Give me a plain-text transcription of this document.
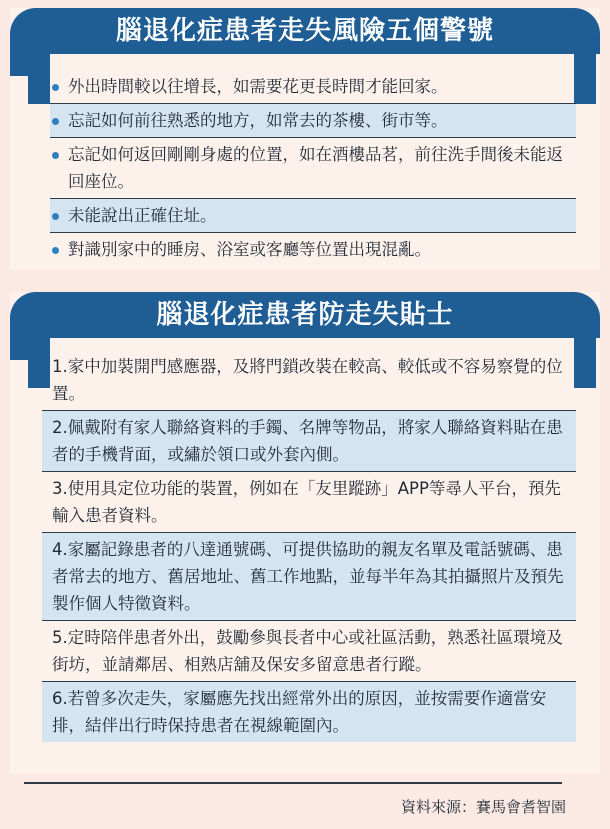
腦退化症患者走失風險五個警號
外出時間較以往增長，如需要花更長時間才能回家。
忘記如何前往熟悉的地方，如常去的茶樓、街市等。
忘記如何返回剛剛身處的位置，如在酒樓品茗，前往洗手間後未能返回座位。
未能說出正確住址。
對識別家中的睡房、浴室或客廳等位置出現混亂。
腦退化症患者防走失貼士
1.家中加裝開門感應器，及將門鎖改裝在較高、較低或不容易察覺的位置。
2.佩戴附有家人聯絡資料的手鐲、名牌等物品，將家人聯絡資料貼在患者的手機背面，或繡於領口或外套內側。
3.使用具定位功能的裝置，例如在「友里蹤跡」APP等尋人平台，預先輸入患者資料。
4.家屬記錄患者的八達通號碼、可提供協助的親友名單及電話號碼、患者常去的地方、舊居地址、舊工作地點，並每半年為其拍攝照片及預先製作個人特徵資料。
5.定時陪伴患者外出，鼓勵參與長者中心或社區活動，熟悉社區環境及街坊，並請鄰居、相熟店舖及保安多留意患者行蹤。
6.若曾多次走失，家屬應先找出經常外出的原因，並按需要作適當安排，結伴出行時保持患者在視線範圍內。
資料來源：賽馬會耆智園
